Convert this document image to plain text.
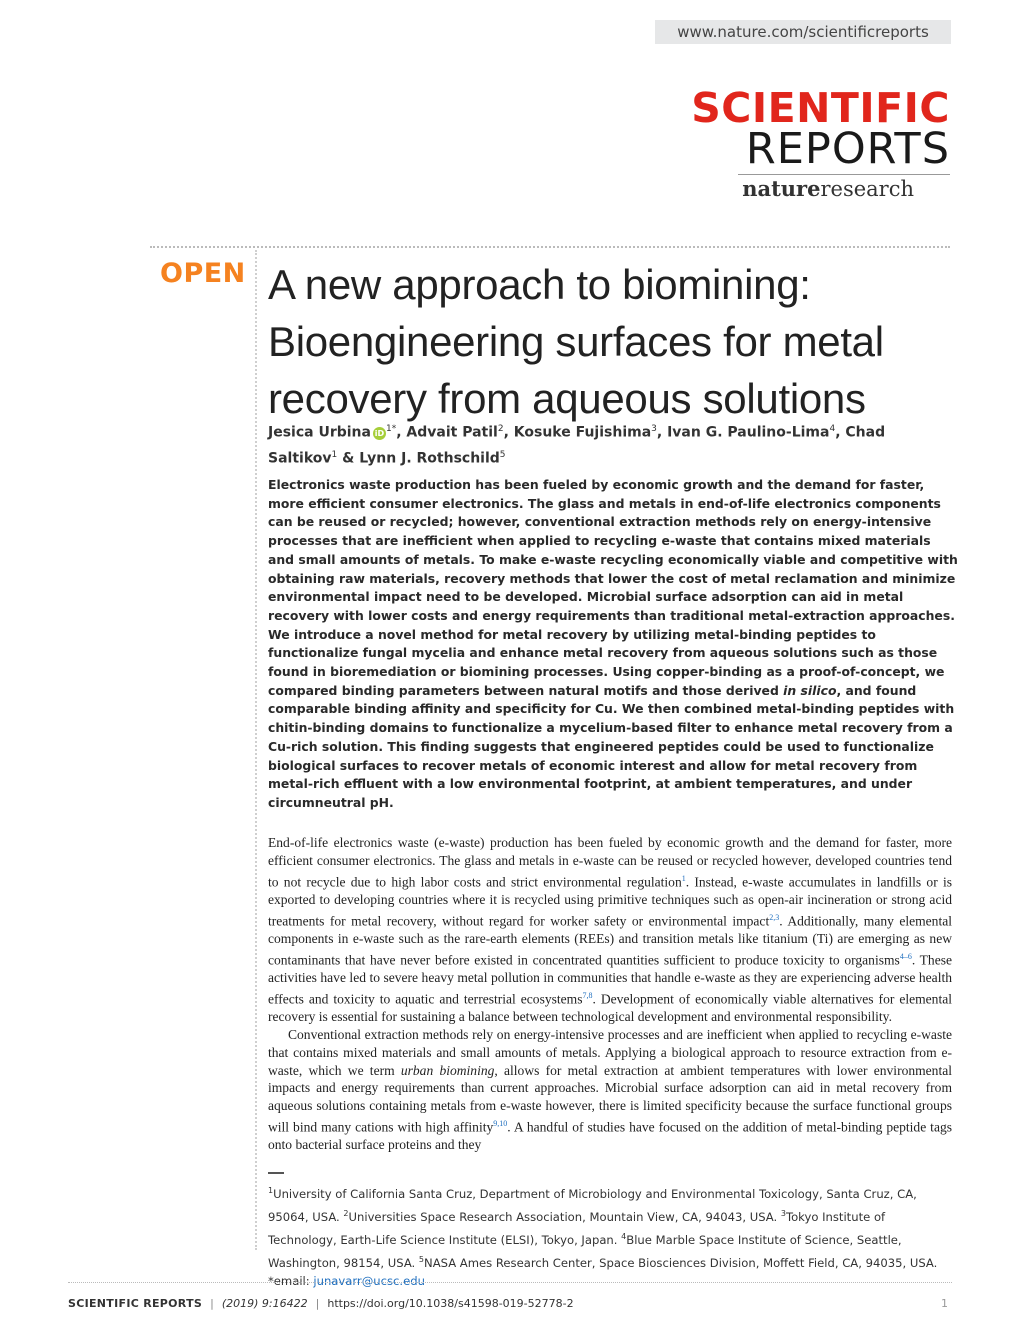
www.nature.com/scientificreports
SCIENTIFIC
REPORTS
natureresearch
OPEN A new approach to biomining: Bioengineering surfaces for metal recovery from aqueous solutions
Jesica Urbina iD $^{1*}$, Advait Patil$^2$, Kosuke Fujishima$^3$, Ivan G. Paulino-Lima$^4$, Chad Saltikov$^1$ & Lynn J. Rothschild$^5$

Electronics waste production has been fueled by economic growth and the demand for faster, more efficient consumer electronics. The glass and metals in end-of-life electronics components can be reused or recycled; however, conventional extraction methods rely on energy-intensive processes that are inefficient when applied to recycling e-waste that contains mixed materials and small amounts of metals. To make e-waste recycling economically viable and competitive with obtaining raw materials, recovery methods that lower the cost of metal reclamation and minimize environmental impact need to be developed. Microbial surface adsorption can aid in metal recovery with lower costs and energy requirements than traditional metal-extraction approaches. We introduce a novel method for metal recovery by utilizing metal-binding peptides to functionalize fungal mycelia and enhance metal recovery from aqueous solutions such as those found in bioremediation or biomining processes. Using copper-binding as a proof-of-concept, we compared binding parameters between natural motifs and those derived in silico, and found comparable binding affinity and specificity for Cu. We then combined metal-binding peptides with chitin-binding domains to functionalize a mycelium-based filter to enhance metal recovery from a Cu-rich solution. This finding suggests that engineered peptides could be used to functionalize biological surfaces to recover metals of economic interest and allow for metal recovery from metal-rich effluent with a low environmental footprint, at ambient temperatures, and under circumneutral pH.

End-of-life electronics waste (e-waste) production has been fueled by economic growth and the demand for faster, more efficient consumer electronics. The glass and metals in e-waste can be reused or recycled however, developed countries tend to not recycle due to high labor costs and strict environmental regulation$^1$. Instead, e-waste accumulates in landfills or is exported to developing countries where it is recycled using primitive techniques such as open-air incineration or strong acid treatments for metal recovery, without regard for worker safety or environmental impact$^{2,3}$. Additionally, many elemental components in e-waste such as the rare-earth elements (REEs) and transition metals like titanium (Ti) are emerging as new contaminants that have never before existed in concentrated quantities sufficient to produce toxicity to organisms$^{4-6}$. These activities have led to severe heavy metal pollution in communities that handle e-waste as they are experiencing adverse health effects and toxicity to aquatic and terrestrial ecosystems$^{7,8}$. Development of economically viable alternatives for elemental recovery is essential for sustaining a balance between technological development and environmental responsibility.

Conventional extraction methods rely on energy-intensive processes and are inefficient when applied to recycling e-waste that contains mixed materials and small amounts of metals. Applying a biological approach to resource extraction from e-waste, which we term urban biomining, allows for metal extraction at ambient temperatures with lower environmental impacts and energy requirements than current approaches. Microbial surface adsorption can aid in metal recovery from aqueous solutions containing metals from e-waste however, there is limited specificity because the surface functional groups will bind many cations with high affinity$^{9,10}$. A handful of studies have focused on the addition of metal-binding peptide tags onto bacterial surface proteins and they

$^1$University of California Santa Cruz, Department of Microbiology and Environmental Toxicology, Santa Cruz, CA, 95064, USA. $^2$Universities Space Research Association, Mountain View, CA, 94043, USA. $^3$Tokyo Institute of Technology, Earth-Life Science Institute (ELSI), Tokyo, Japan. $^4$Blue Marble Space Institute of Science, Seattle, Washington, 98154, USA. $^5$NASA Ames Research Center, Space Biosciences Division, Moffett Field, CA, 94035, USA.
*email: junavarr@ucsc.edu
SCIENTIFIC REPORTS | (2019) 9:16422 | https://doi.org/10.1038/s41598-019-52778-2	1
